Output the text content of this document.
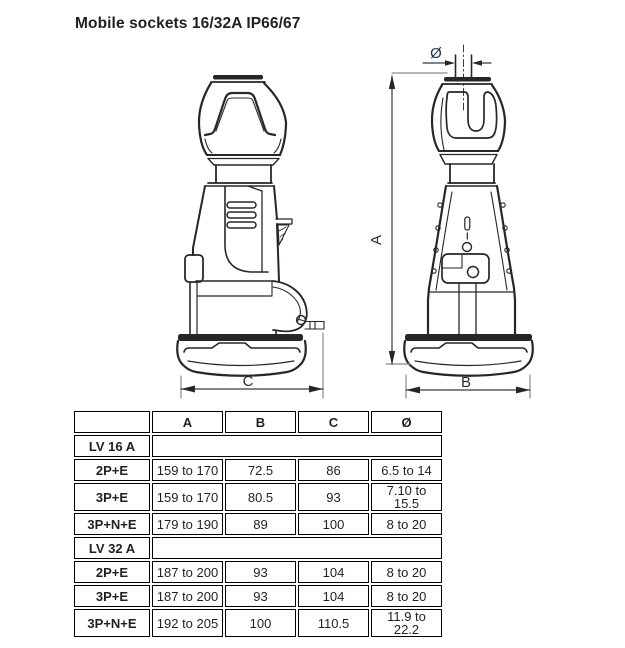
Mobile sockets 16/32A IP66/67
Ø
A
C	B
	A	B	C	Ø
LV 16 A				
2P+E	159 to 170	72.5	86	6.5 to 14
3P+E	159 to 170	80.5	93	7.10 to 15.5
3P+N+E	179 to 190	89	100	8 to 20
LV 32 A				
2P+E	187 to 200	93	104	8 to 20
3P+E	187 to 200	93	104	8 to 20
3P+N+E	192 to 205	100	110.5	11.9 to 22.2
